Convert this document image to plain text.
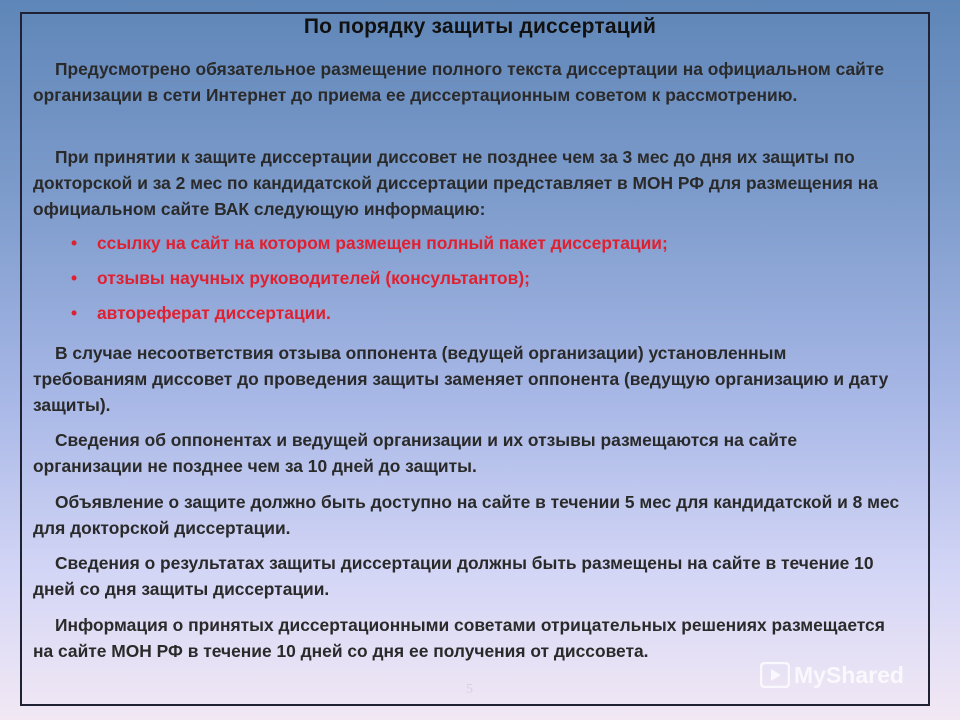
По порядку защиты диссертаций

Предусмотрено обязательное размещение полного текста диссертации на официальном сайте организации в сети Интернет до приема ее диссертационным советом к рассмотрению.

При принятии к защите диссертации диссовет не позднее чем за 3 мес до дня их защиты по докторской и за 2 мес по кандидатской диссертации представляет в МОН РФ для размещения на официальном сайте ВАК следующую информацию:

• ссылку на сайт на котором размещен полный пакет диссертации;
• отзывы научных руководителей (консультантов);
• автореферат диссертации.

В случае несоответствия отзыва оппонента (ведущей организации) установленным требованиям диссовет до проведения защиты заменяет оппонента (ведущую организацию и дату защиты).

Сведения об оппонентах и ведущей организации и их отзывы размещаются на сайте организации не позднее чем за 10 дней до защиты.

Объявление о защите должно быть доступно на сайте в течении 5 мес для кандидатской и 8 мес для докторской диссертации.

Сведения о результатах защиты диссертации должны быть размещены на сайте в течение 10 дней со дня защиты диссертации.

Информация о принятых диссертационными советами отрицательных решениях размещается на сайте МОН РФ в течение 10 дней со дня ее получения от диссовета.

5
MyShared
